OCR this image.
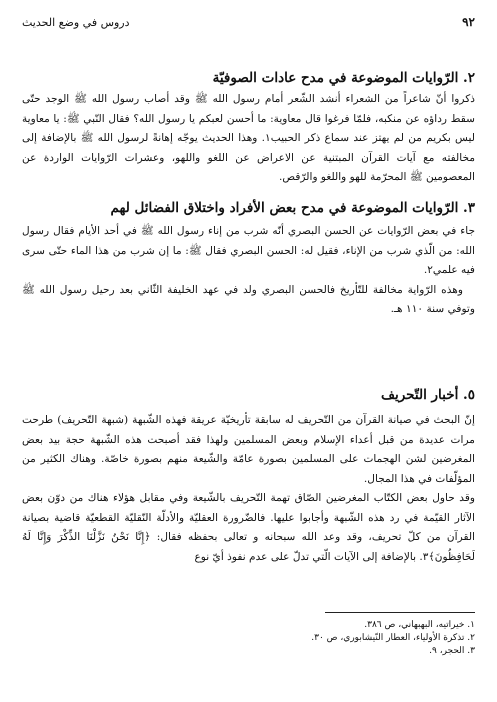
٩٢
دروس في وضع الحديث
٢. الرّوايات الموضوعة في مدح عادات الصوفيّة

ذكروا أنّ شاعراً من الشعراء أنشد الشّعر أمام رسول الله ﷺ وقد أصاب رسول الله ﷺ الوجد حتّى سقط رداؤه عن منكبه، فلمّا فرغوا قال معاوية: ما أحسن لعبكم يا رسول الله؟ فقال النّبي ﷺ: يا معاوية ليس بكريم من لم يهتز عند سماع ذكر الحبيب١. وهذا الحديث يوجّه إهانةً لرسول الله ﷺ بالإضافة إلى مخالفته مع آيات القرآن المبتنية عن الاعراض عن اللغو واللهو، وعشرات الرّوايات الواردة عن المعصومين ﷺ المحرّمة للهو واللغو والرّقص.

٣. الرّوايات الموضوعة في مدح بعض الأفراد واختلاق الفضائل لهم

جاء في بعض الرّوايات عن الحسن البصري أنّه شرب من إناء رسول الله ﷺ في أحد الأيام فقال رسول الله: من الّذي شرب من الإناء، فقيل له: الحسن البصري فقال ﷺ: ما إن شرب من هذا الماء حتّى سرى فيه علمي٢.

وهذه الرّواية مخالفة للتّأريخ فالحسن البصري ولد في عهد الخليفة الثّاني بعد رحيل رسول الله ﷺ وتوفي سنة ١١٠ هـ.

٥. أخبار التّحريف

إنّ البحث في صيانة القرآن من التّحريف له سابقة تأريخيّة عريقة فهذه الشّبهة (شبهة التّحريف) طرحت مرات عديدة من قبل أعداء الإسلام وبعض المسلمين ولهذا فقد أصبحت هذه الشّبهة حجة بيد بعض المغرضين لشن الهجمات على المسلمين بصورة عامّة والشّيعة منهم بصورة خاصّة. وهناك الكثير من المؤلّفات في هذا المجال.

وقد حاول بعض الكتّاب المغرضين الصّاق تهمة التّحريف بالشّيعة وفي مقابل هؤلاء هناك من دوّن بعض الآثار القيّمة في رد هذه الشّبهة وأجابوا عليها. فالضّرورة العقليّة والأدلّة النّقليّة القطعيّة قاضية بصيانة القرآن من كلّ تحريف، وقد وعد الله سبحانه و تعالى بحفظه فقال: ﴿إِنَّا نَحْنُ نَزَّلْنَا الذِّكْرَ وَإِنَّا لَهُ لَحَافِظُونَ﴾٣. بالإضافة إلى الآيات الّتي تدلّ على عدم نفوذ أيّ نوع

١. خيراتيه، البهبهاني، ص ٣٨٦.

٢. تذكرة الأولياء، العطار النّيشابوري، ص ٣٠.

٣. الحجر، ٩.
